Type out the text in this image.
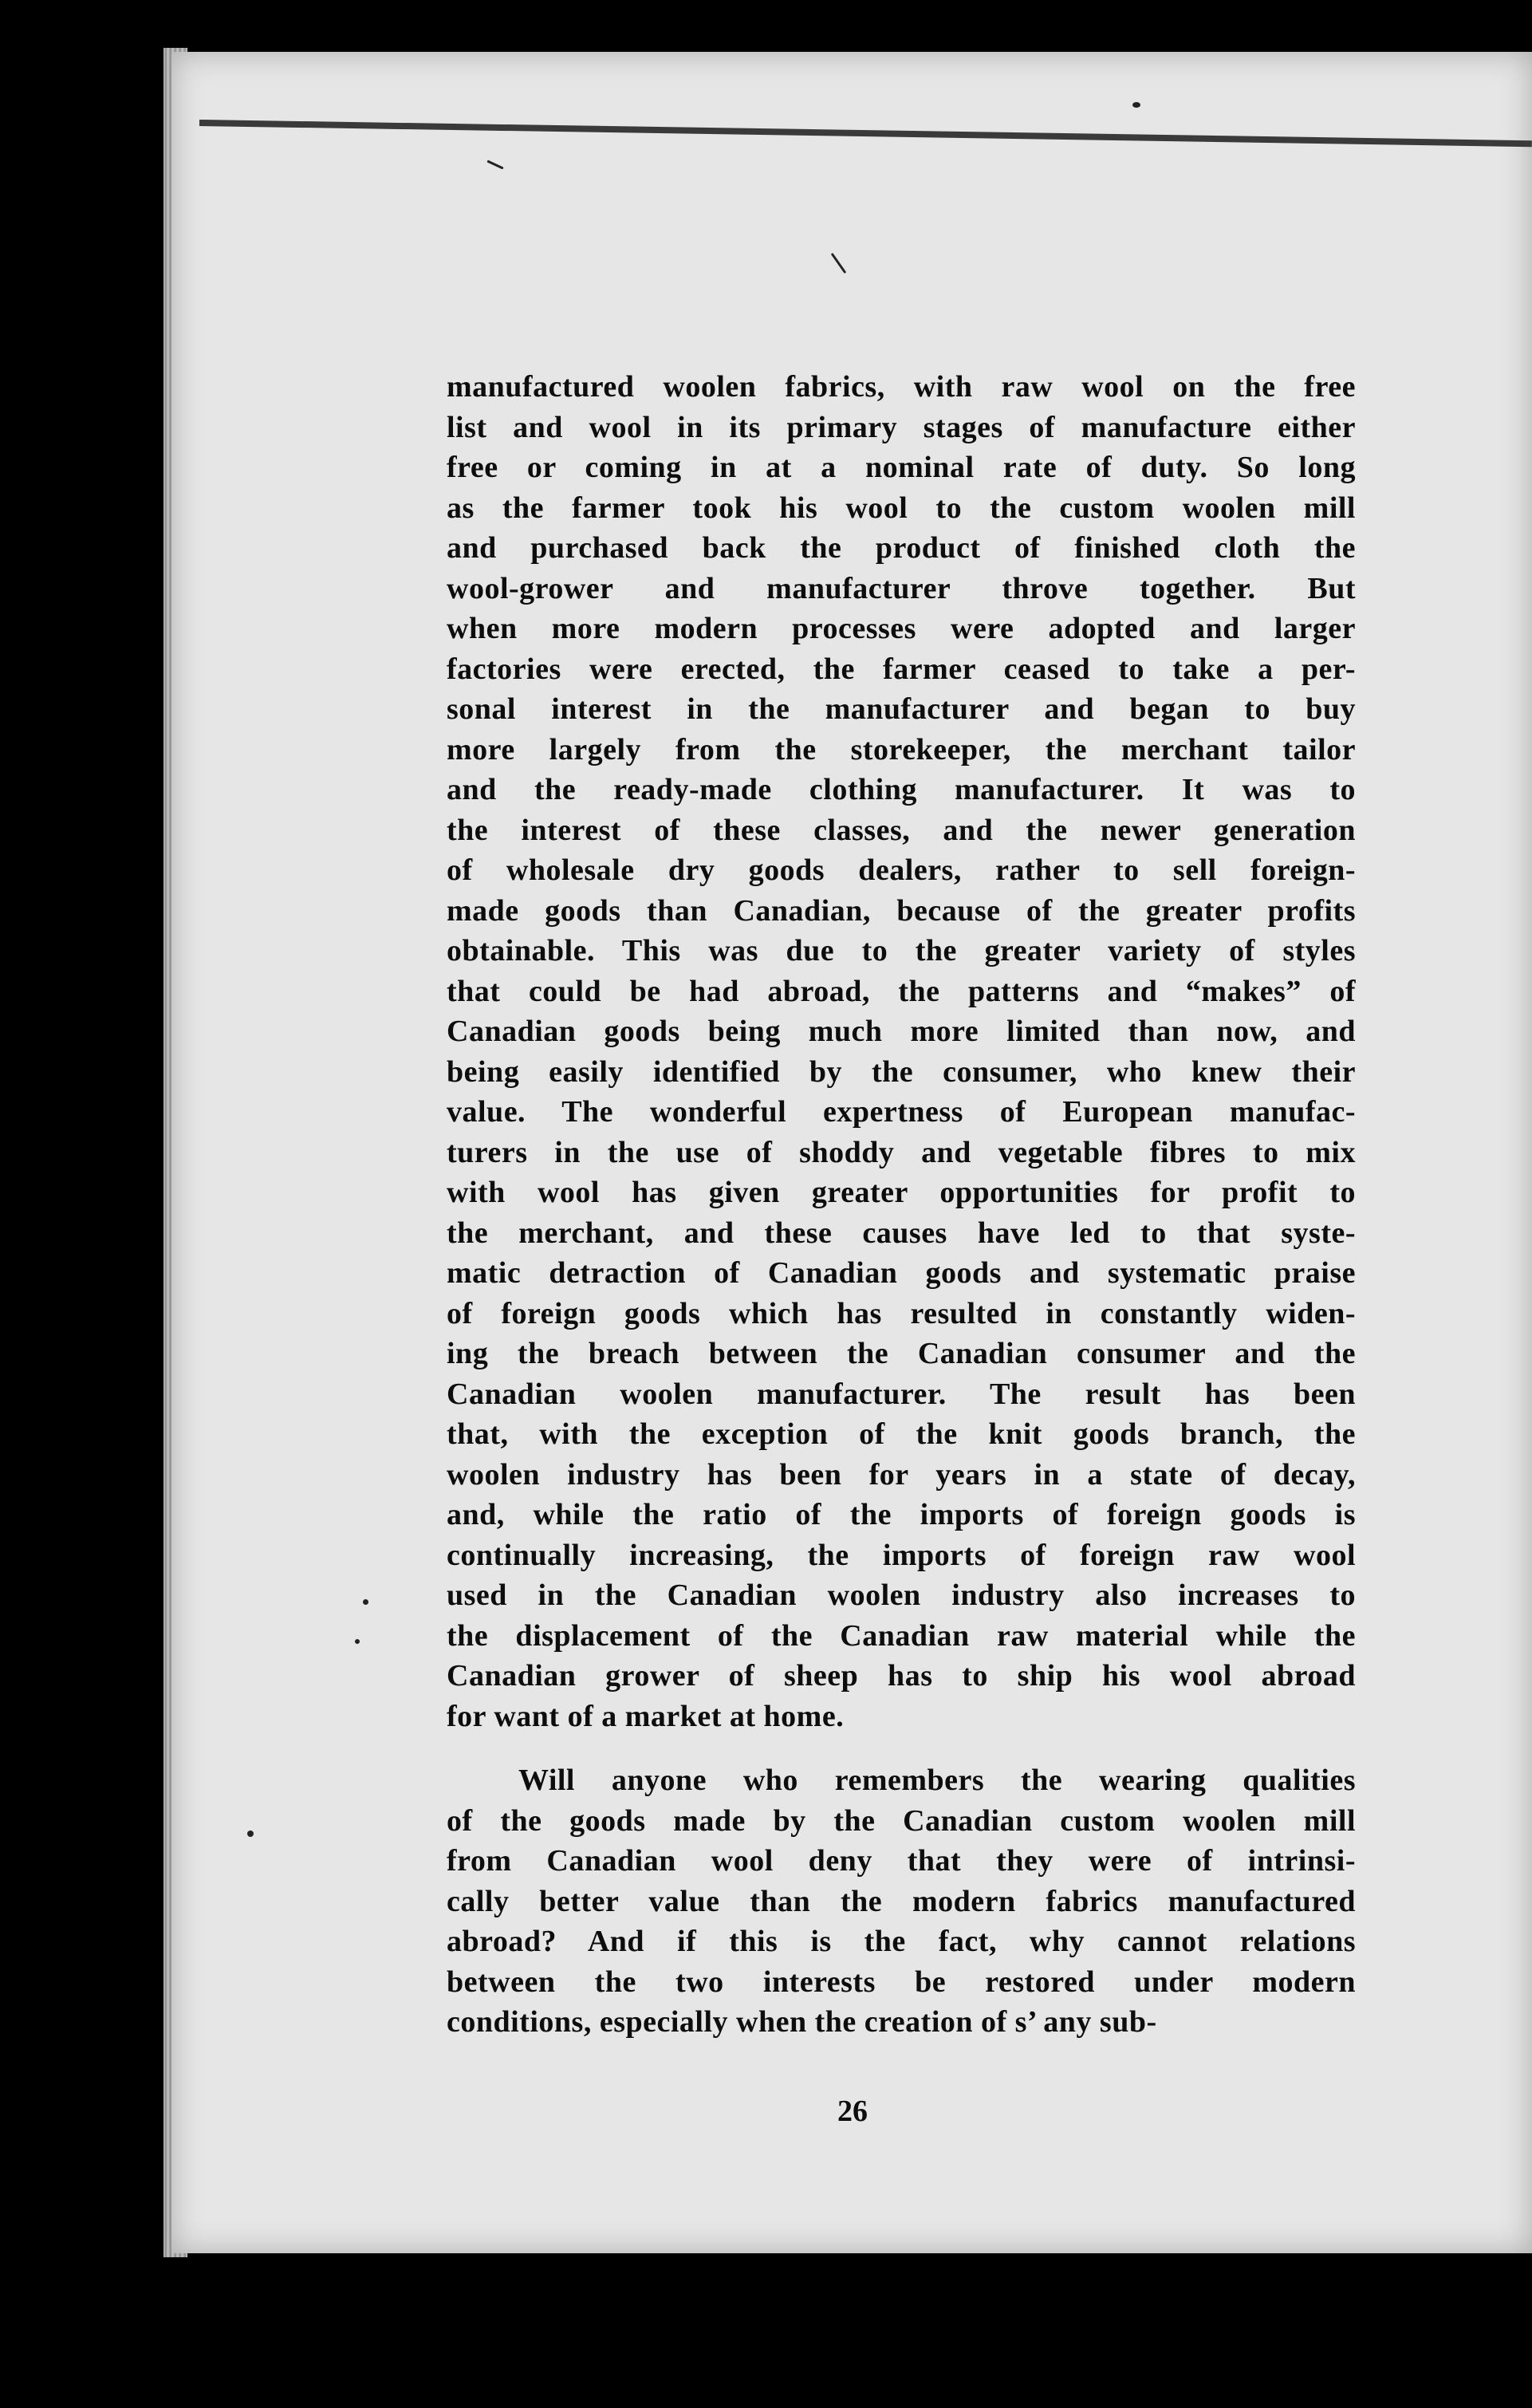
manufactured woolen fabrics, with raw wool on the free
list and wool in its primary stages of manufacture either
free or coming in at a nominal rate of duty. So long
as the farmer took his wool to the custom woolen mill
and purchased back the product of finished cloth the
wool-grower and manufacturer throve together. But
when more modern processes were adopted and larger
factories were erected, the farmer ceased to take a per-
sonal interest in the manufacturer and began to buy
more largely from the storekeeper, the merchant tailor
and the ready-made clothing manufacturer. It was to
the interest of these classes, and the newer generation
of wholesale dry goods dealers, rather to sell foreign-
made goods than Canadian, because of the greater profits
obtainable. This was due to the greater variety of styles
that could be had abroad, the patterns and “makes” of
Canadian goods being much more limited than now, and
being easily identified by the consumer, who knew their
value. The wonderful expertness of European manufac-
turers in the use of shoddy and vegetable fibres to mix
with wool has given greater opportunities for profit to
the merchant, and these causes have led to that syste-
matic detraction of Canadian goods and systematic praise
of foreign goods which has resulted in constantly widen-
ing the breach between the Canadian consumer and the
Canadian woolen manufacturer. The result has been
that, with the exception of the knit goods branch, the
woolen industry has been for years in a state of decay,
and, while the ratio of the imports of foreign goods is
continually increasing, the imports of foreign raw wool
used in the Canadian woolen industry also increases to
the displacement of the Canadian raw material while the
Canadian grower of sheep has to ship his wool abroad
for want of a market at home.

Will anyone who remembers the wearing qualities
of the goods made by the Canadian custom woolen mill
from Canadian wool deny that they were of intrinsi-
cally better value than the modern fabrics manufactured
abroad? And if this is the fact, why cannot relations
between the two interests be restored under modern
conditions, especially when the creation of s’ any sub-

26
